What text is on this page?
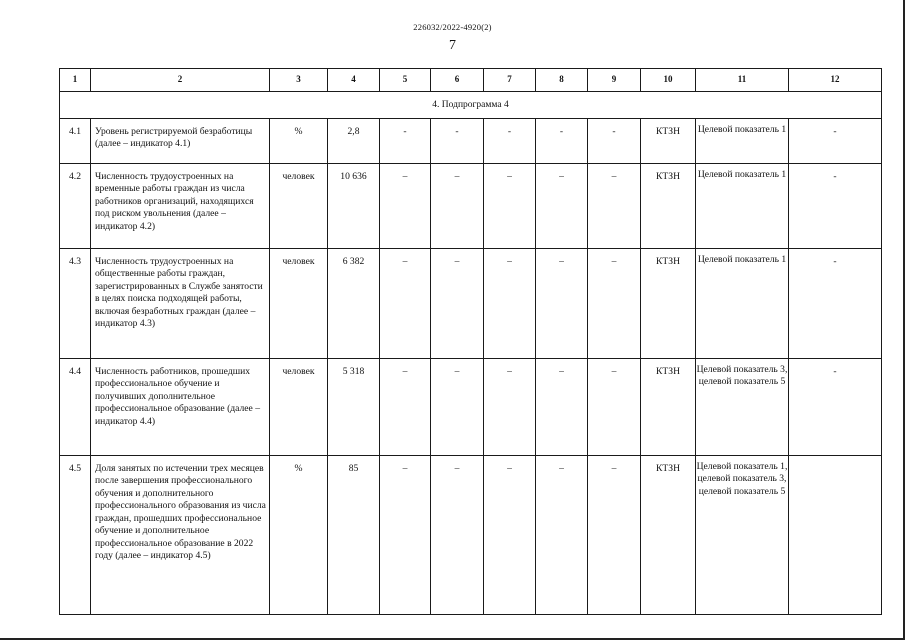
226032/2022-4920(2)
7
1	2	3	4	5	6	7	8	9	10	11	12
4. Подпрограмма 4											
4.1	Уровень регистрируемой безработицы (далее – индикатор 4.1)	%	2,8	-	-	-	-	-	КТЗН	Целевой показатель 1	-
4.2	Численность трудоустроенных на временные работы граждан из числа работников организаций, находящихся под риском увольнения (далее – индикатор 4.2)	человек	10 636	–	–	–	–	–	КТЗН	Целевой показатель 1	-
4.3	Численность трудоустроенных на общественные работы граждан, зарегистрированных в Службе занятости в целях поиска подходящей работы, включая безработных граждан (далее – индикатор 4.3)	человек	6 382	–	–	–	–	–	КТЗН	Целевой показатель 1	-
4.4	Численность работников, прошедших профессиональное обучение и получивших дополнительное профессиональное образование (далее – индикатор 4.4)	человек	5 318	–	–	–	–	–	КТЗН	Целевой показатель 3, целевой показатель 5	-
4.5	Доля занятых по истечении трех месяцев после завершения профессионального обучения и дополнительного профессионального образования из числа граждан, прошедших профессиональное обучение и дополнительное профессиональное образование в 2022 году (далее – индикатор 4.5)	%	85	–	–	–	–	–	КТЗН	Целевой показатель 1, целевой показатель 3, целевой показатель 5	
